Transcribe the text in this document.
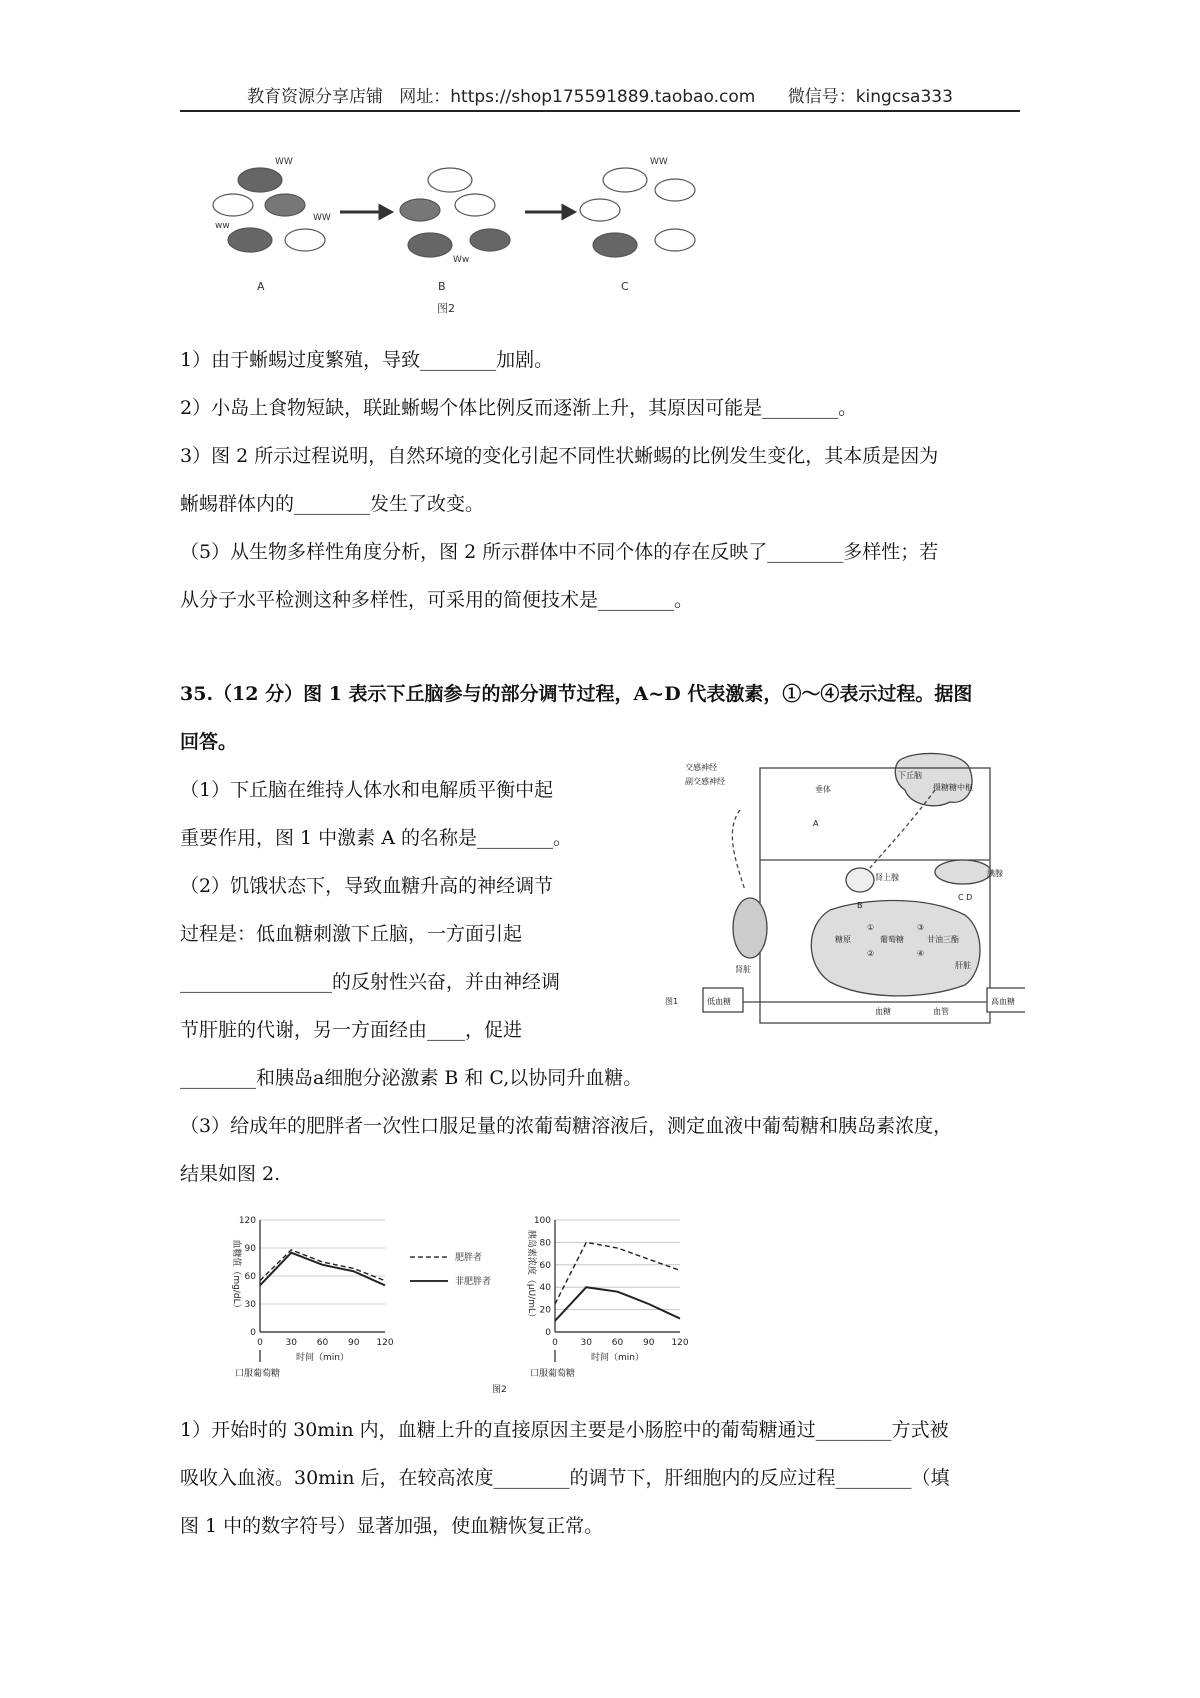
教育资源分享店铺   网址：https://shop175591889.taobao.com      微信号：kingcsa333
WW
ww
WW
Ww
WW
A	B	C
图2
1）由于蜥蜴过度繁殖，导致________加剧。
2）小岛上食物短缺，联趾蜥蜴个体比例反而逐渐上升，其原因可能是________。
3）图 2 所示过程说明，自然环境的变化引起不同性状蜥蜴的比例发生变化，其本质是因为
蜥蜴群体内的________发生了改变。
（5）从生物多样性角度分析，图 2 所示群体中不同个体的存在反映了________多样性；若
从分子水平检测这种多样性，可采用的简便技术是________。
35.（12 分）图 1 表示下丘脑参与的部分调节过程，A~D 代表激素，①～④表示过程。据图
回答。
（1）下丘脑在维持人体水和电解质平衡中起
重要作用，图 1 中激素 A 的名称是________。
（2）饥饿状态下，导致血糖升高的神经调节
过程是：低血糖刺激下丘脑，一方面引起
________________的反射性兴奋，并由神经调
节肝脏的代谢，另一方面经由____，促进
________和胰岛a细胞分泌激素 B 和 C,以协同升血糖。
（3）给成年的肥胖者一次性口服足量的浓葡萄糖溶液后，测定血液中葡萄糖和胰岛素浓度，
结果如图 2.
下丘脑
垂体
交感神经
副交感神经
摄糖糖中枢
肾上腺
肾脏
胰腺
肝脏
糖原	葡萄糖	甘油三酯
低血糖	高血糖
血糖	血管
图1
A
B
C D
①
②
③
④
肥胖者
非肥胖者
图2
0
30
60
90
120
0	30 60 90 120
血糖值（mg/dL）
时间（min）
口服葡萄糖
0
20
40
60
80
100
0	30 60 90 120
胰岛素浓度（μU/mL）
时间（min）
口服葡萄糖
1）开始时的 30min 内，血糖上升的直接原因主要是小肠腔中的葡萄糖通过________方式被
吸收入血液。30min 后，在较高浓度________的调节下，肝细胞内的反应过程________（填
图 1 中的数字符号）显著加强，使血糖恢复正常。
